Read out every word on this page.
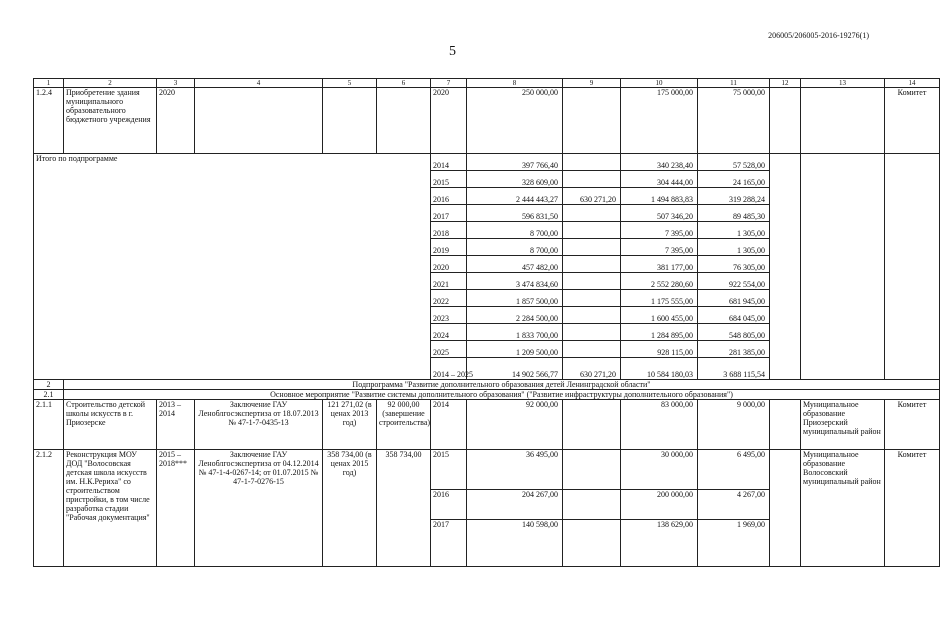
206005/206005-2016-19276(1)
5
1	2	3	4	5	6	7	8	9	10	11	12	13	14
1.2.4	Приобретение здания муниципального образовательного бюджетного учреждения	2020				2020	250 000,00		175 000,00	75 000,00			Комитет
Итого по подпрограмме						2014	397 766,40		340 238,40	57 528,00			
						2015	328 609,00		304 444,00	24 165,00			
						2016	2 444 443,27	630 271,20	1 494 883,83	319 288,24			
						2017	596 831,50		507 346,20	89 485,30			
						2018	8 700,00		7 395,00	1 305,00			
						2019	8 700,00		7 395,00	1 305,00			
						2020	457 482,00		381 177,00	76 305,00			
						2021	3 474 834,60		2 552 280,60	922 554,00			
						2022	1 857 500,00		1 175 555,00	681 945,00			
						2023	2 284 500,00		1 600 455,00	684 045,00			
						2024	1 833 700,00		1 284 895,00	548 805,00			
						2025	1 209 500,00		928 115,00	281 385,00			
						2014 – 2025	14 902 566,77	630 271,20	10 584 180,03	3 688 115,54			
2	Подпрограмма "Развитие дополнительного образования детей Ленинградской области"												
2.1	Основное мероприятие "Развитие системы дополнительного образования" ("Развитие инфраструктуры дополнительного образования")												
2.1.1	Строительство детской школы искусств в г. Приозерске	2013 – 2014	Заключение ГАУ Леноблгосэкспертиза от 18.07.2013 № 47-1-7-0435-13	121 271,02 (в ценах 2013 год)	92 000,00 (завершение строительства)	2014	92 000,00		83 000,00	9 000,00		Муниципальное образование Приозерский муниципальный район	Комитет
2.1.2	Реконструкция МОУ ДОД "Волосовская детская школа искусств им. Н.К.Рериха" со строительством пристройки, в том числе разработка стадии "Рабочая документация"	2015 – 2018***	Заключение ГАУ Леноблгосэкспертиза от 04.12.2014 № 47-1-4-0267-14; от 01.07.2015 № 47-1-7-0276-15	358 734,00 (в ценах 2015 год)	358 734,00	2015	36 495,00		30 000,00	6 495,00		Муниципальное образование Волосовский муниципальный район	Комитет
						2016	204 267,00		200 000,00	4 267,00			
						2017	140 598,00		138 629,00	1 969,00			
